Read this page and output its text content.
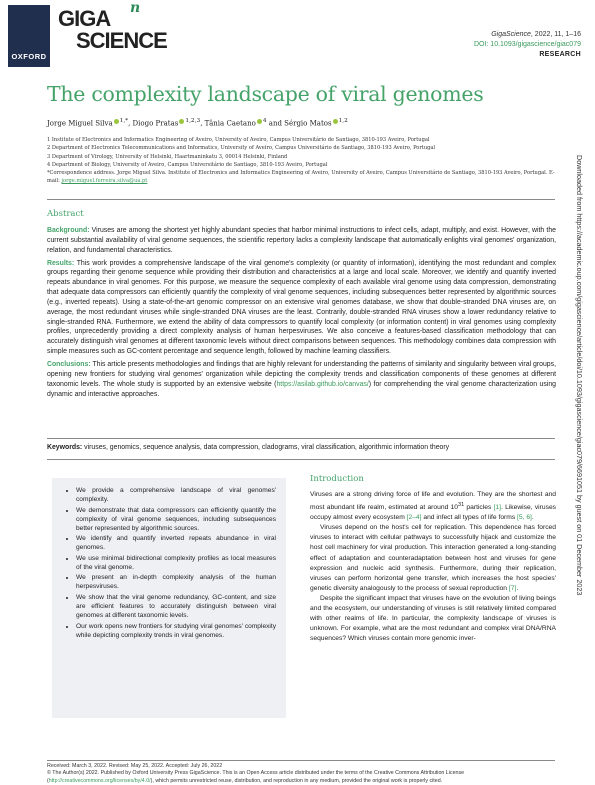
OXFORD
GIGA n
SCIENCE	GigaScience, 2022, 11, 1–16
DOI: 10.1093/gigascience/giac079
RESEARCH
The complexity landscape of viral genomes
Jorge Miguel Silva $^{1,*}$, Diogo Pratas $^{1,2,3}$, Tânia Caetano $^4$ and Sérgio Matos $^{1,2}$

1 Institute of Electronics and Informatics Engineering of Aveiro, University of Aveiro, Campus Universitário de Santiago, 3810-193 Aveiro, Portugal

2 Department of Electronics Telecommunications and Informatics, University of Aveiro, Campus Universitário de Santiago, 3810-193 Aveiro, Portugal

3 Department of Virology, University of Helsinki, Haartmaninkatu 3, 00014 Helsinki, Finland

4 Department of Biology, University of Aveiro, Campus Universitário de Santiago, 3810-193 Aveiro, Portugal

*Correspondence address. Jorge Miguel Silva. Institute of Electronics and Informatics Engineering of Aveiro, University of Aveiro, Campus Universitário de Santiago, 3810-193 Aveiro, Portugal. E-mail: jorge.miguel.ferreira.silva@ua.pt

Abstract

Background: Viruses are among the shortest yet highly abundant species that harbor minimal instructions to infect cells, adapt, multiply, and exist. However, with the current substantial availability of viral genome sequences, the scientific repertory lacks a complexity landscape that automatically enlights viral genomes' organization, relation, and fundamental characteristics.

Results: This work provides a comprehensive landscape of the viral genome's complexity (or quantity of information), identifying the most redundant and complex groups regarding their genome sequence while providing their distribution and characteristics at a large and local scale. Moreover, we identify and quantify inverted repeats abundance in viral genomes. For this purpose, we measure the sequence complexity of each available viral genome using data compression, demonstrating that adequate data compressors can efficiently quantify the complexity of viral genome sequences, including subsequences better represented by algorithmic sources (e.g., inverted repeats). Using a state-of-the-art genomic compressor on an extensive viral genomes database, we show that double-stranded DNA viruses are, on average, the most redundant viruses while single-stranded DNA viruses are the least. Contrarily, double-stranded RNA viruses show a lower redundancy relative to single-stranded RNA. Furthermore, we extend the ability of data compressors to quantify local complexity (or information content) in viral genomes using complexity profiles, unprecedently providing a direct complexity analysis of human herpesviruses. We also conceive a features-based classification methodology that can accurately distinguish viral genomes at different taxonomic levels without direct comparisons between sequences. This methodology combines data compression with simple measures such as GC-content percentage and sequence length, followed by machine learning classifiers.

Conclusions: This article presents methodologies and findings that are highly relevant for understanding the patterns of similarity and singularity between viral groups, opening new frontiers for studying viral genomes' organization while depicting the complexity trends and classification components of these genomes at different taxonomic levels. The whole study is supported by an extensive website (https://asilab.github.io/canvas/) for comprehending the viral genome characterization using dynamic and interactive approaches.

Keywords: viruses, genomics, sequence analysis, data compression, cladograms, viral classification, algorithmic information theory
• We provide a comprehensive landscape of viral genomes' complexity.
• We demonstrate that data compressors can efficiently quantify the complexity of viral genome sequences, including subsequences better represented by algorithmic sources.
• We identify and quantify inverted repeats abundance in viral genomes.
• We use minimal bidirectional complexity profiles as local measures of the viral genome.
• We present an in-depth complexity analysis of the human herpesviruses.
• We show that the viral genome redundancy, GC-content, and size are efficient features to accurately distinguish between viral genomes at different taxonomic levels.
• Our work opens new frontiers for studying viral genomes' complexity while depicting complexity trends in viral genomes.
Introduction

Viruses are a strong driving force of life and evolution. They are the shortest and most abundant life realm, estimated at around $10^{31}$ particles [1]. Likewise, viruses occupy almost every ecosystem [2–4] and infect all types of life forms [5, 6].

Viruses depend on the host's cell for replication. This dependence has forced viruses to interact with cellular pathways to successfully hijack and customize the host cell machinery for viral production. This interaction generated a long-standing effect of adaptation and counteradaptation between host and viruses for gene expression and nucleic acid synthesis. Furthermore, during their replication, viruses can perform horizontal gene transfer, which increases the host species' genetic diversity analogously to the process of sexual reproduction [7].

Despite the significant impact that viruses have on the evolution of living beings and the ecosystem, our understanding of viruses is still relatively limited compared with other realms of life. In particular, the complexity landscape of viruses is unknown. For example, what are the most redundant and complex viral DNA/RNA sequences? Which viruses contain more genomic inver-

Received: March 3, 2022. Revised: May 25, 2022. Accepted: July 26, 2022

© The Author(s) 2022. Published by Oxford University Press GigaScience. This is an Open Access article distributed under the terms of the Creative Commons Attribution License (http://creativecommons.org/licenses/by/4.0/), which permits unrestricted reuse, distribution, and reproduction in any medium, provided the original work is properly cited.

Downloaded from https://academic.oup.com/gigascience/article/doi/10.1093/gigascience/giac079/6691051 by guest on 01 December 2023
